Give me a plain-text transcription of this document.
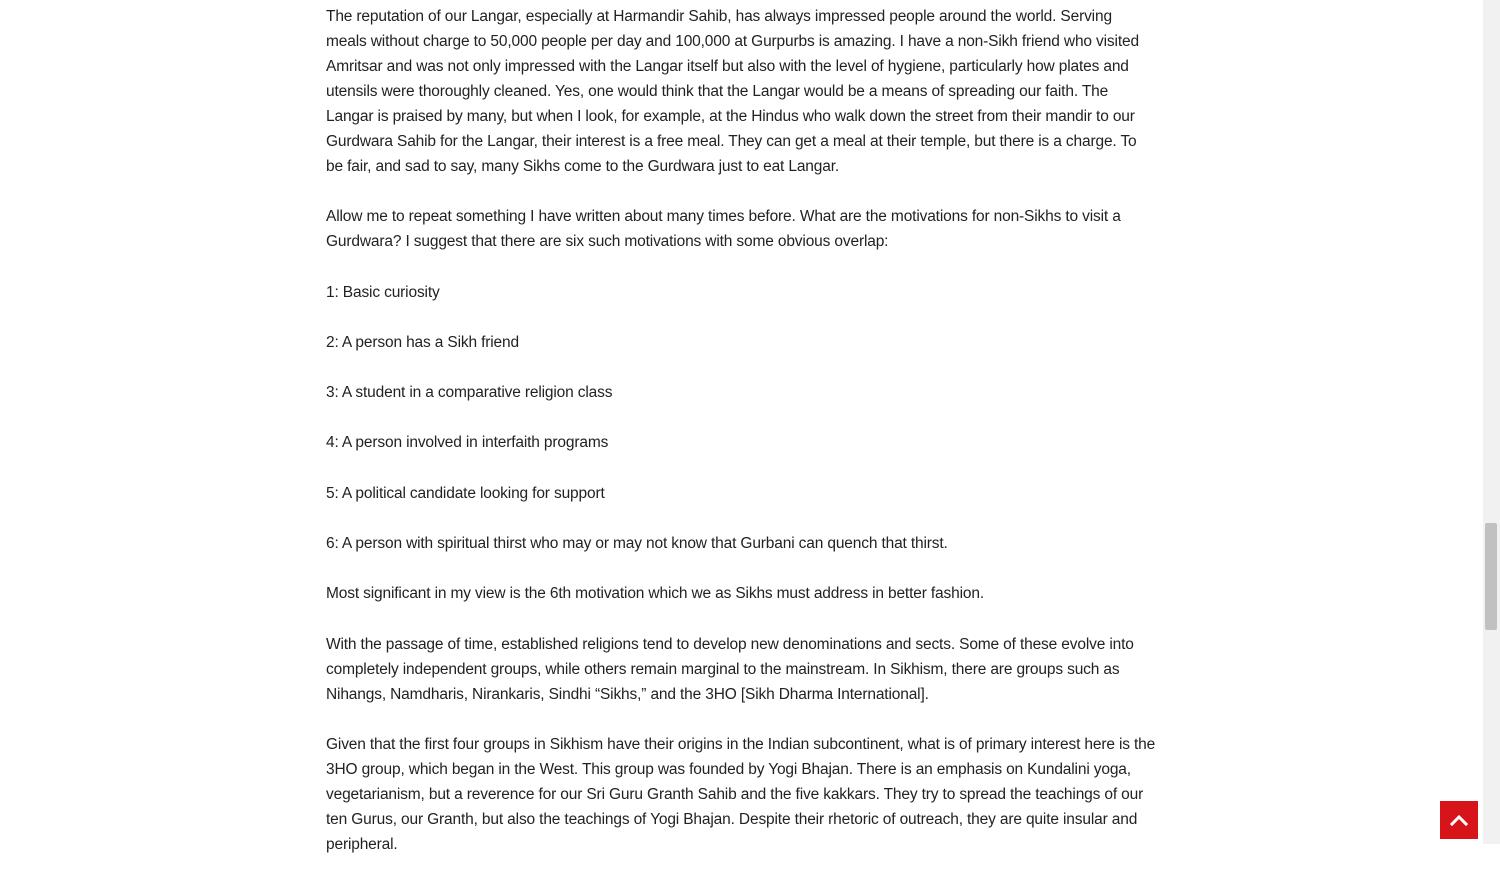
The reputation of our Langar, especially at Harmandir Sahib, has always impressed people around the world. Serving meals without charge to 50,000 people per day and 100,000 at Gurpurbs is amazing. I have a non-Sikh friend who visited Amritsar and was not only impressed with the Langar itself but also with the level of hygiene, particularly how plates and utensils were thoroughly cleaned. Yes, one would think that the Langar would be a means of spreading our faith. The Langar is praised by many, but when I look, for example, at the Hindus who walk down the street from their mandir to our Gurdwara Sahib for the Langar, their interest is a free meal. They can get a meal at their temple, but there is a charge. To be fair, and sad to say, many Sikhs come to the Gurdwara just to eat Langar.

Allow me to repeat something I have written about many times before. What are the motivations for non-Sikhs to visit a Gurdwara? I suggest that there are six such motivations with some obvious overlap:

1: Basic curiosity

2: A person has a Sikh friend

3: A student in a comparative religion class

4: A person involved in interfaith programs

5: A political candidate looking for support

6: A person with spiritual thirst who may or may not know that Gurbani can quench that thirst.

Most significant in my view is the 6th motivation which we as Sikhs must address in better fashion.

With the passage of time, established religions tend to develop new denominations and sects. Some of these evolve into completely independent groups, while others remain marginal to the mainstream. In Sikhism, there are groups such as Nihangs, Namdharis, Nirankaris, Sindhi “Sikhs,” and the 3HO [Sikh Dharma International].

Given that the first four groups in Sikhism have their origins in the Indian subcontinent, what is of primary interest here is the 3HO group, which began in the West. This group was founded by Yogi Bhajan. There is an emphasis on Kundalini yoga, vegetarianism, but a reverence for our Sri Guru Granth Sahib and the five kakkars. They try to spread the teachings of our ten Gurus, our Granth, but also the teachings of Yogi Bhajan. Despite their rhetoric of outreach, they are quite insular and peripheral.
